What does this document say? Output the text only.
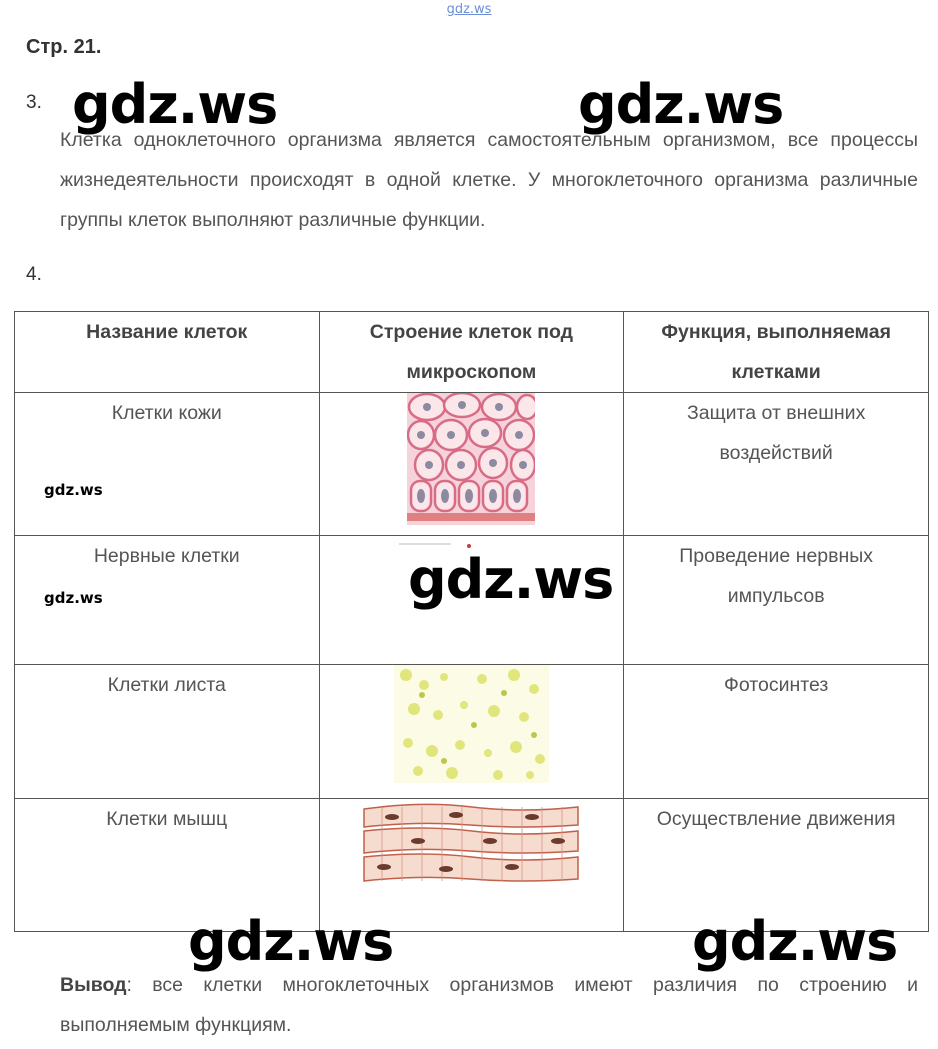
gdz.ws
Стр. 21.
3.
Клетка одноклеточного организма является самостоятельным организмом, все процессы жизнедеятельности происходят в одной клетке. У многоклеточного организма различные группы клеток выполняют различные функции.
4.
Название клеток	Строение клеток под микроскопом	Функция, выполняемая клетками
Клетки кожи		Защита от внешних воздействий
Нервные клетки		Проведение нервных импульсов
Клетки листа		Фотосинтез
Клетки мышц		Осуществление движения
Вывод: все клетки многоклеточных организмов имеют различия по строению и выполняемым функциям.
gdz.ws	gdz.ws
gdz.ws
gdz.ws	gdz.ws
gdz.ws
gdz.ws
